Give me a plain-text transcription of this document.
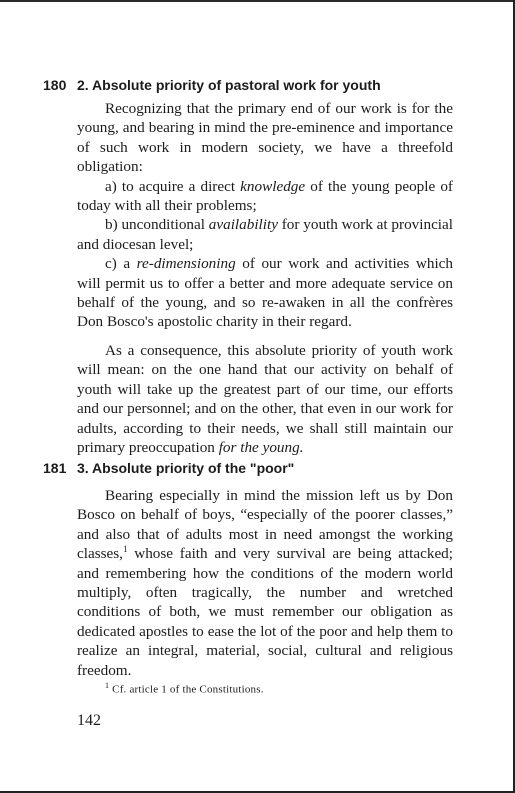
180 2. Absolute priority of pastoral work for youth

Recognizing that the primary end of our work is for the young, and bearing in mind the pre-eminence and importance of such work in modern society, we have a threefold obligation:

a) to acquire a direct knowledge of the young people of today with all their problems;

b) unconditional availability for youth work at provincial and diocesan level;

c) a re-dimensioning of our work and activities which will permit us to offer a better and more adequate service on behalf of the young, and so re-awaken in all the confrères Don Bosco's apostolic charity in their regard.

As a consequence, this absolute priority of youth work will mean: on the one hand that our activity on behalf of youth will take up the greatest part of our time, our efforts and our personnel; and on the other, that even in our work for adults, according to their needs, we shall still maintain our primary preoccupation for the young.

181 3. Absolute priority of the "poor"

Bearing especially in mind the mission left us by Don Bosco on behalf of boys, “especially of the poorer classes,” and also that of adults most in need amongst the working classes,$^1$ whose faith and very survival are being attacked; and remembering how the conditions of the modern world multiply, often tragically, the number and wretched conditions of both, we must remember our obligation as dedicated apostles to ease the lot of the poor and help them to realize an integral, material, social, cultural and religious freedom.

$^1$ Cf. article 1 of the Constitutions.
142
